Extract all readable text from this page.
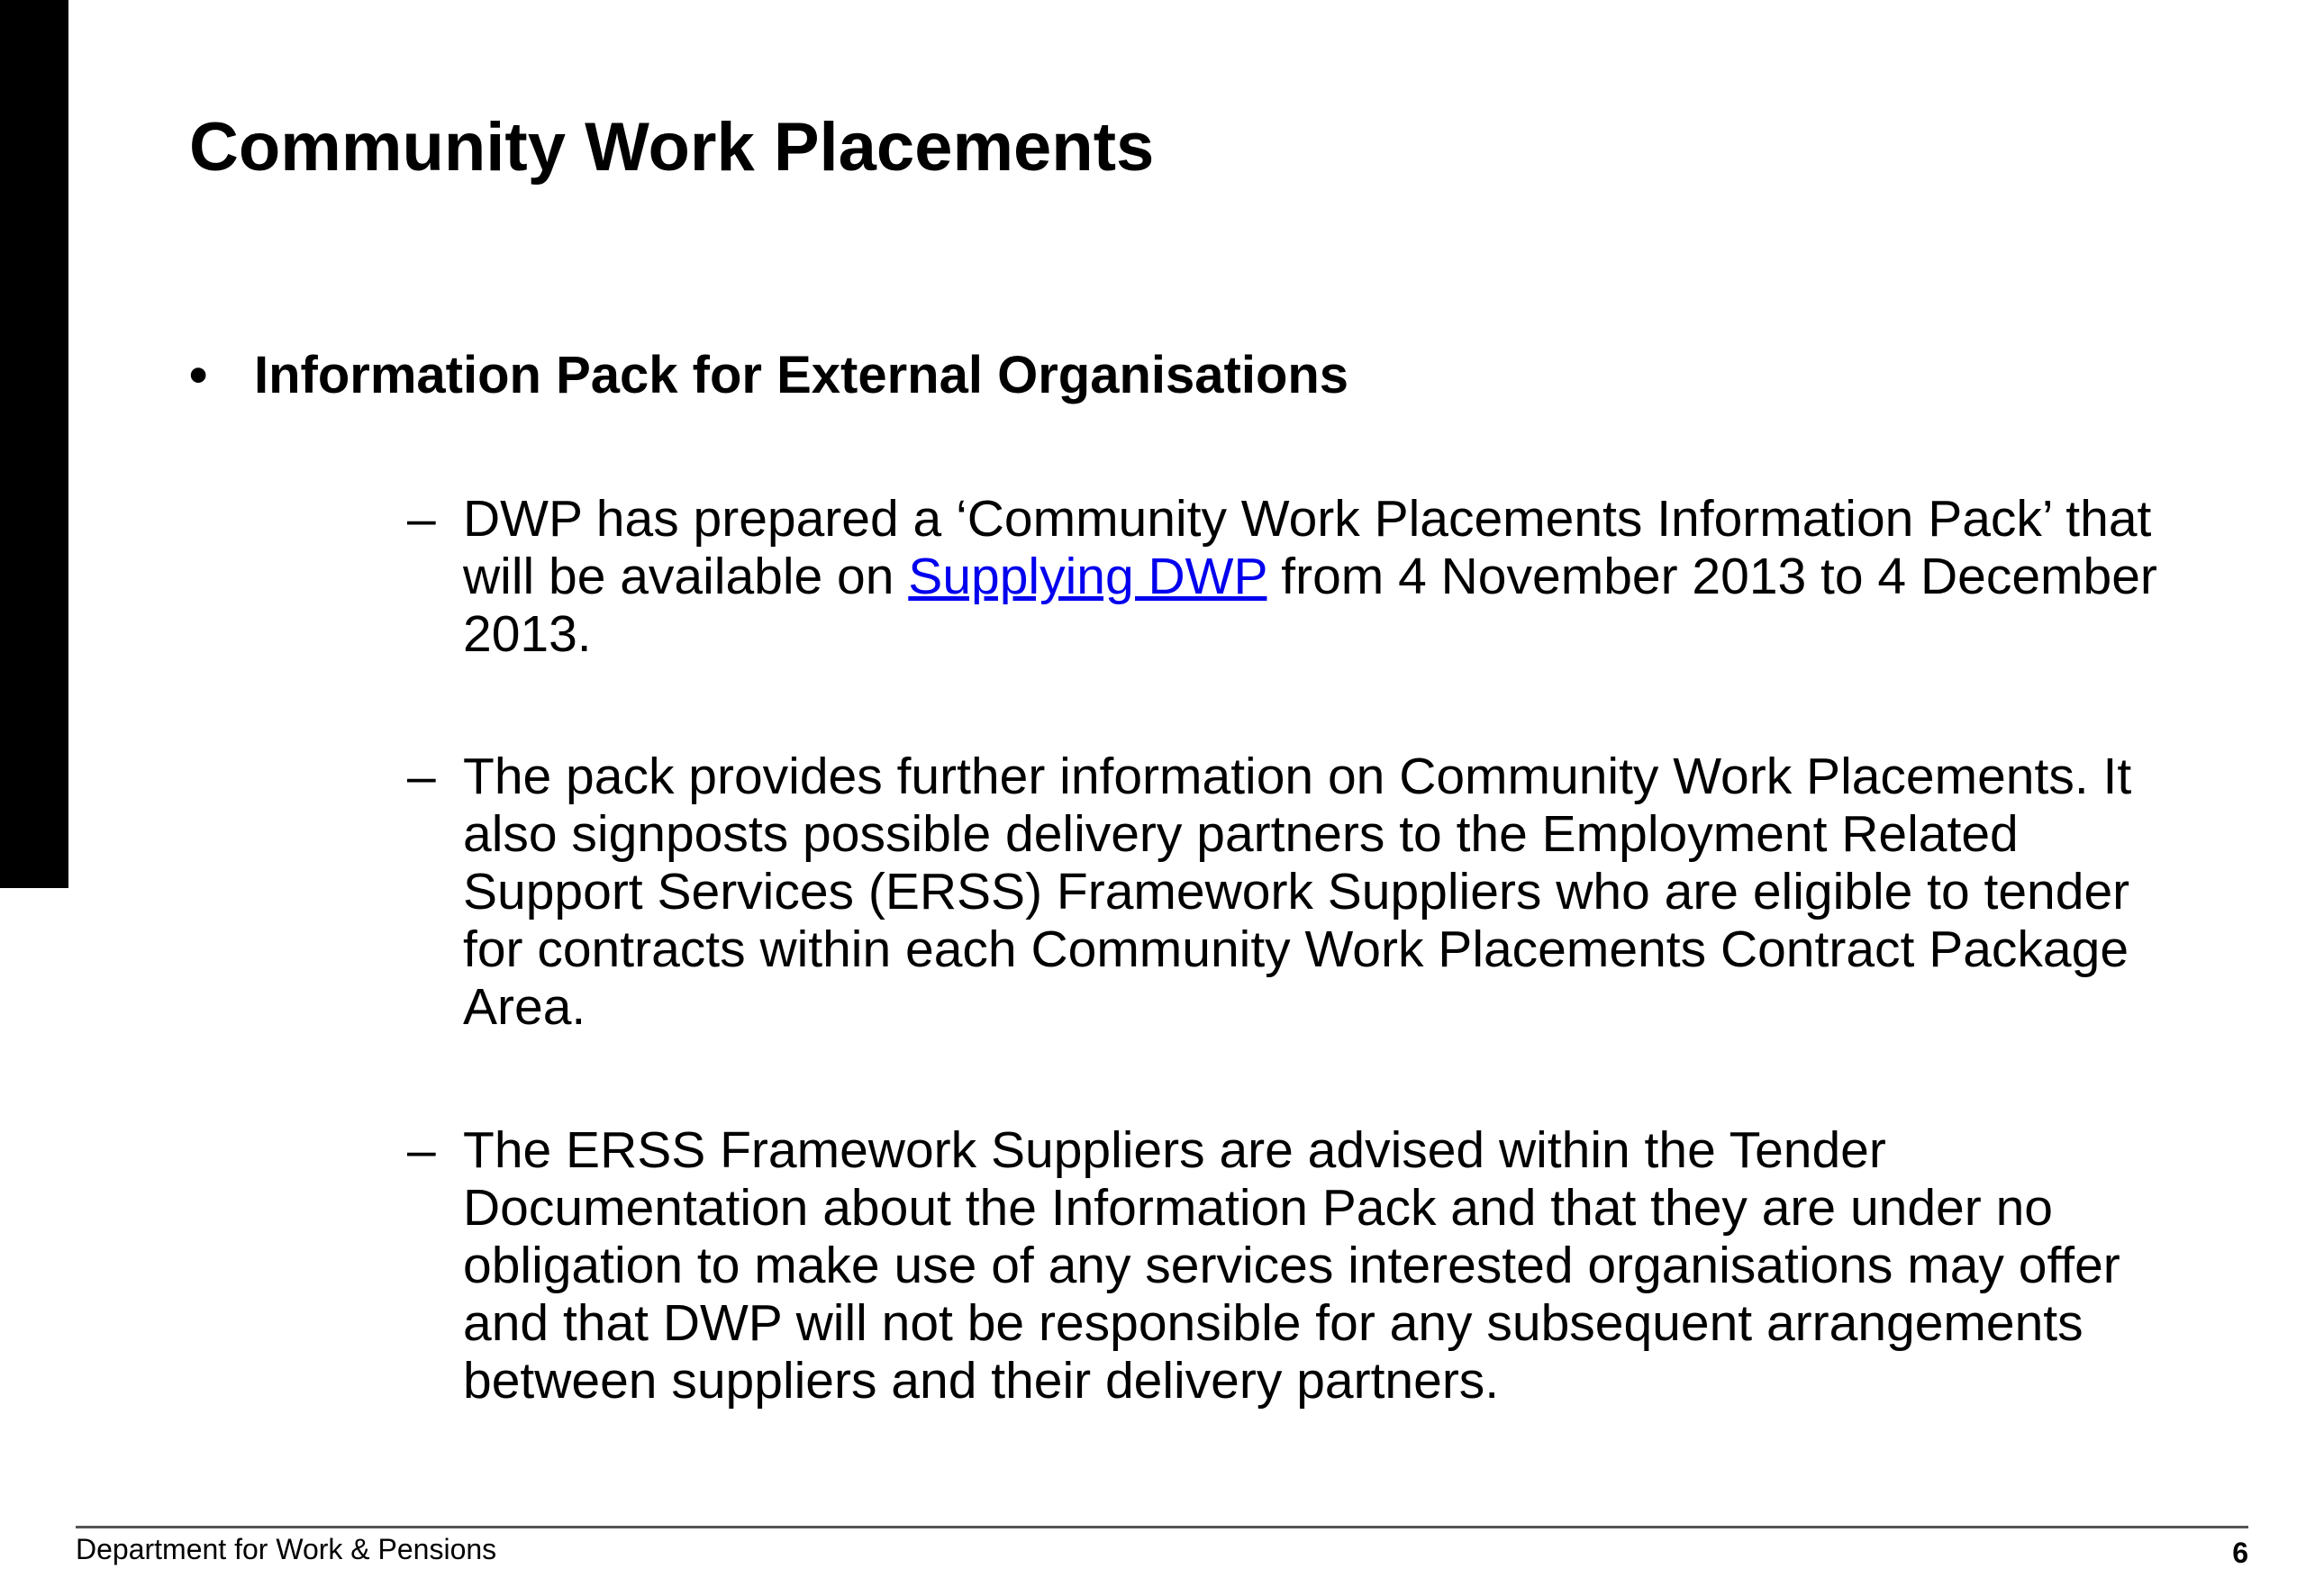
Community Work Placements
• Information Pack for External Organisations
– DWP has prepared a ‘Community Work Placements Information Pack’ that will be available on Supplying DWP from 4 November 2013 to 4 December 2013.
– The pack provides further information on Community Work Placements. It also signposts possible delivery partners to the Employment Related Support Services (ERSS) Framework Suppliers who are eligible to tender for contracts within each Community Work Placements Contract Package Area.
– The ERSS Framework Suppliers are advised within the Tender Documentation about the Information Pack and that they are under no obligation to make use of any services interested organisations may offer and that DWP will not be responsible for any subsequent arrangements between suppliers and their delivery partners.
Department for Work & Pensions	6
